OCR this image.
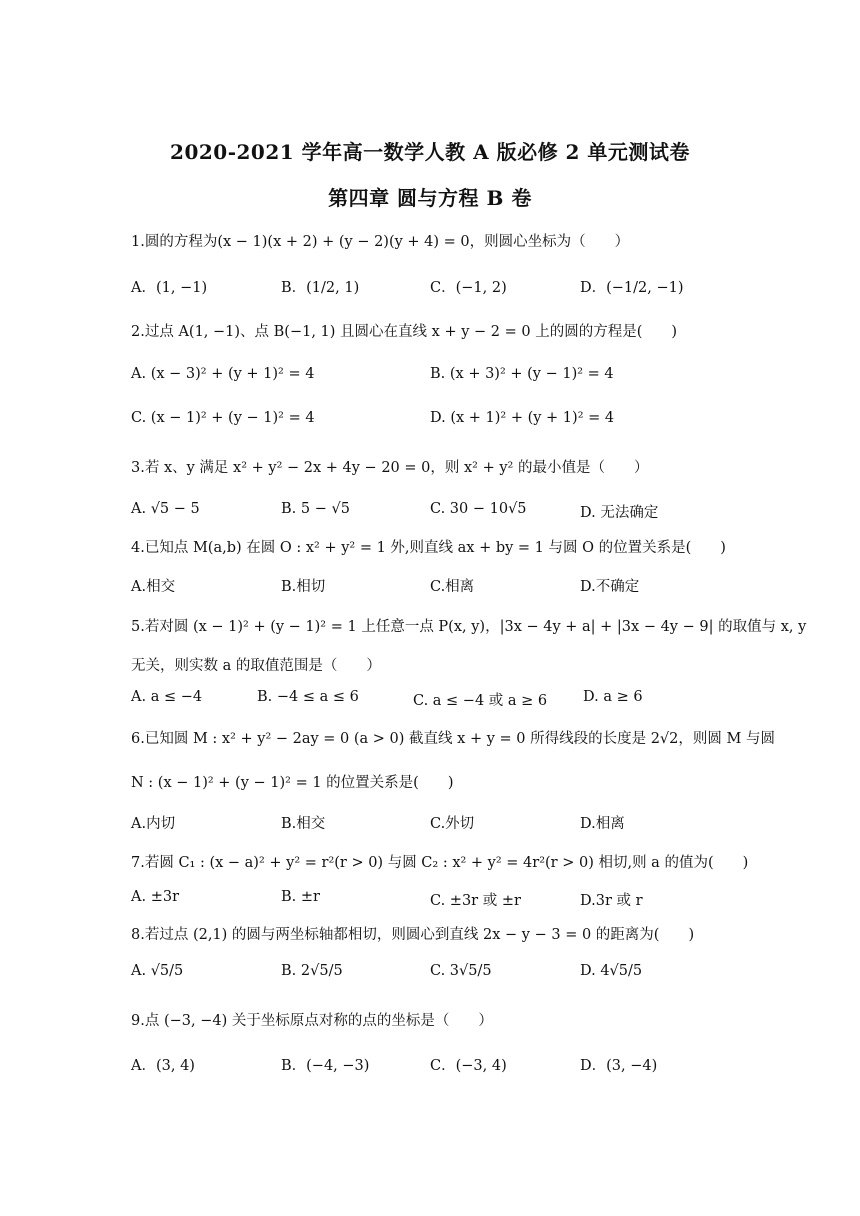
2020-2021 学年高一数学人教 A 版必修 2 单元测试卷
第四章 圆与方程 B 卷
1.圆的方程为(x − 1)(x + 2) + (y − 2)(y + 4) = 0，则圆心坐标为（　　）
A．(1, −1)	B．(1/2, 1)	C．(−1, 2)	D．(−1/2, −1)
2.过点 A(1, −1)、点 B(−1, 1) 且圆心在直线 x + y − 2 = 0 上的圆的方程是(　　)
A. (x − 3)² + (y + 1)² = 4	B. (x + 3)² + (y − 1)² = 4
C. (x − 1)² + (y − 1)² = 4	D. (x + 1)² + (y + 1)² = 4
3.若 x、y 满足 x² + y² − 2x + 4y − 20 = 0，则 x² + y² 的最小值是（　　）
A. √5 − 5	B. 5 − √5	C. 30 − 10√5	D. 无法确定
4.已知点 M(a,b) 在圆 O : x² + y² = 1 外,则直线 ax + by = 1 与圆 O 的位置关系是(　　)
A.相交	B.相切	C.相离	D.不确定
5.若对圆 (x − 1)² + (y − 1)² = 1 上任意一点 P(x, y)，|3x − 4y + a| + |3x − 4y − 9| 的取值与 x, y
无关，则实数 a 的取值范围是（　　）
A. a ≤ −4	B. −4 ≤ a ≤ 6	C. a ≤ −4 或 a ≥ 6 D. a ≥ 6
6.已知圆 M : x² + y² − 2ay = 0 (a > 0) 截直线 x + y = 0 所得线段的长度是 2√2，则圆 M 与圆
N : (x − 1)² + (y − 1)² = 1 的位置关系是(　　)
A.内切	B.相交	C.外切	D.相离
7.若圆 C₁ : (x − a)² + y² = r²(r > 0) 与圆 C₂ : x² + y² = 4r²(r > 0) 相切,则 a 的值为(　　)
A. ±3r	B. ±r	C. ±3r 或 ±r	D.3r 或 r
8.若过点 (2,1) 的圆与两坐标轴都相切，则圆心到直线 2x − y − 3 = 0 的距离为(　　)
A. √5/5	B. 2√5/5	C. 3√5/5	D. 4√5/5
9.点 (−3, −4) 关于坐标原点对称的点的坐标是（　　）
A．(3, 4)	B．(−4, −3)	C．(−3, 4)	D．(3, −4)
